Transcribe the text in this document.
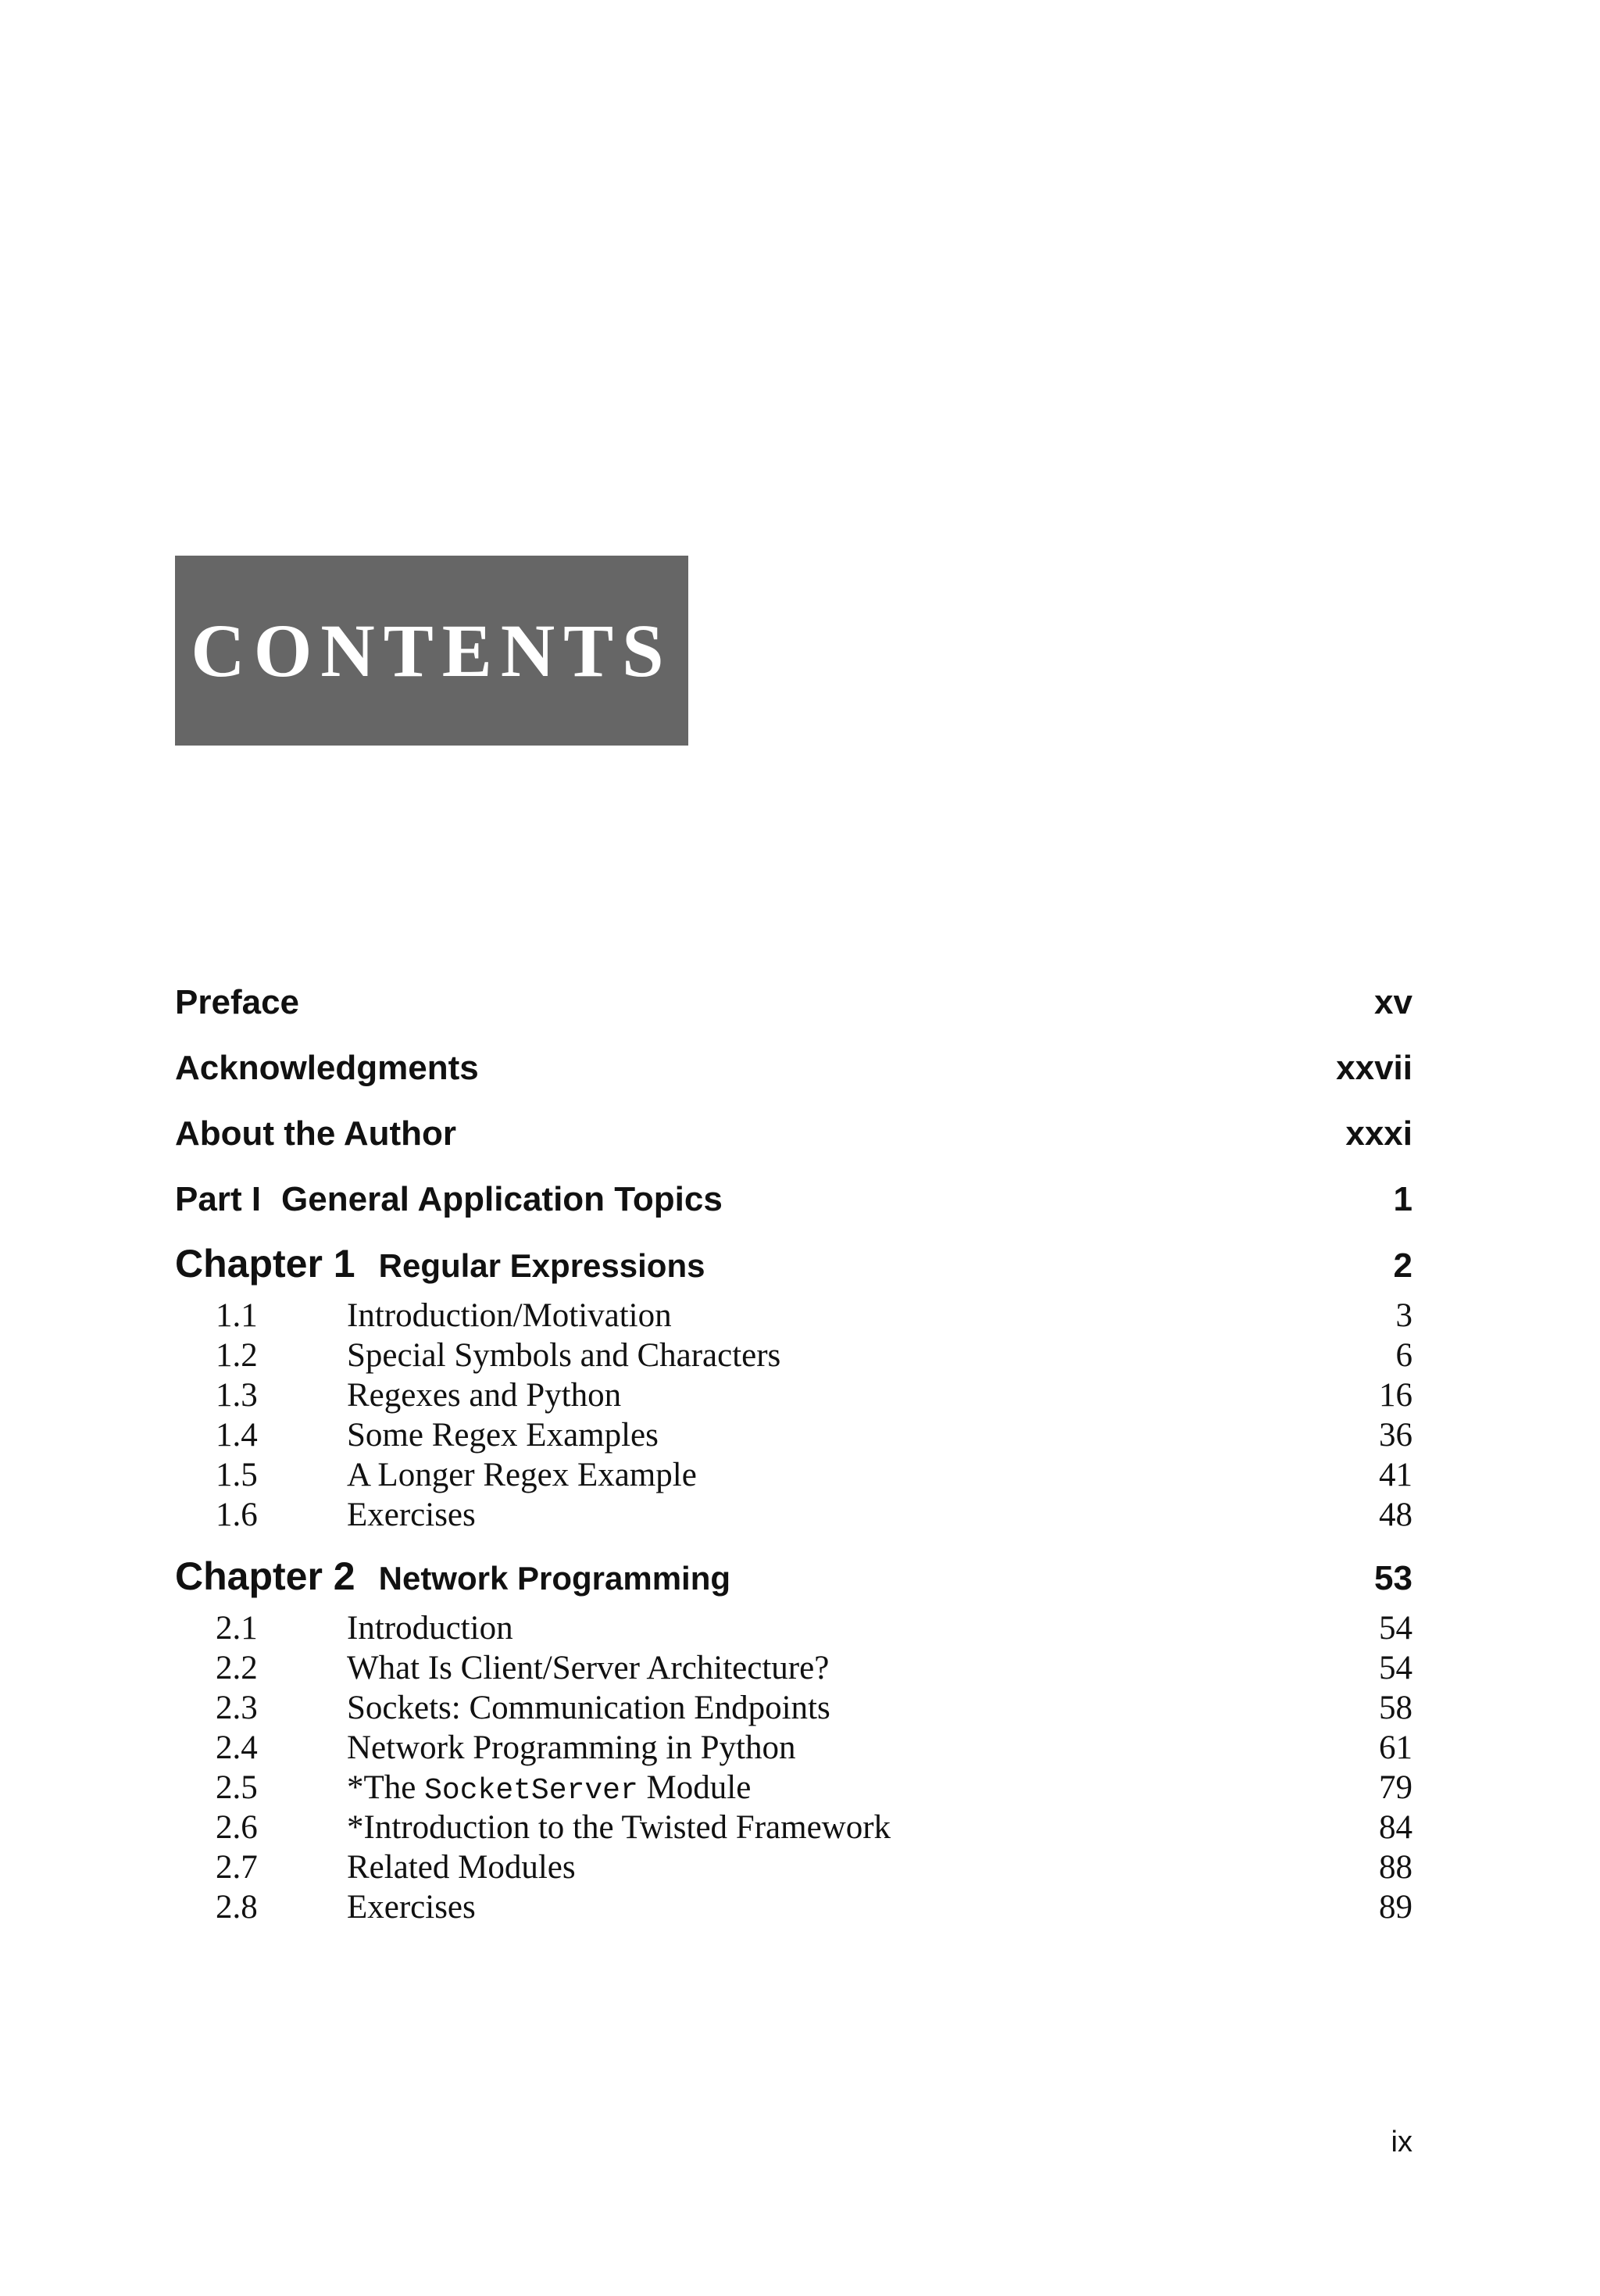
CONTENTS
Preface	xv
Acknowledgments	xxvii
About the Author	xxxi
Part I General Application Topics	1
Chapter 1 Regular Expressions	2
1.1	Introduction/Motivation	3
1.2	Special Symbols and Characters	6
1.3	Regexes and Python	16
1.4	Some Regex Examples	36
1.5	A Longer Regex Example	41
1.6	Exercises	48
Chapter 2 Network Programming	53
2.1	Introduction	54
2.2	What Is Client/Server Architecture?	54
2.3	Sockets: Communication Endpoints	58
2.4	Network Programming in Python	61
2.5	*The SocketServer Module	79
2.6	*Introduction to the Twisted Framework	84
2.7	Related Modules	88
2.8	Exercises	89
ix
